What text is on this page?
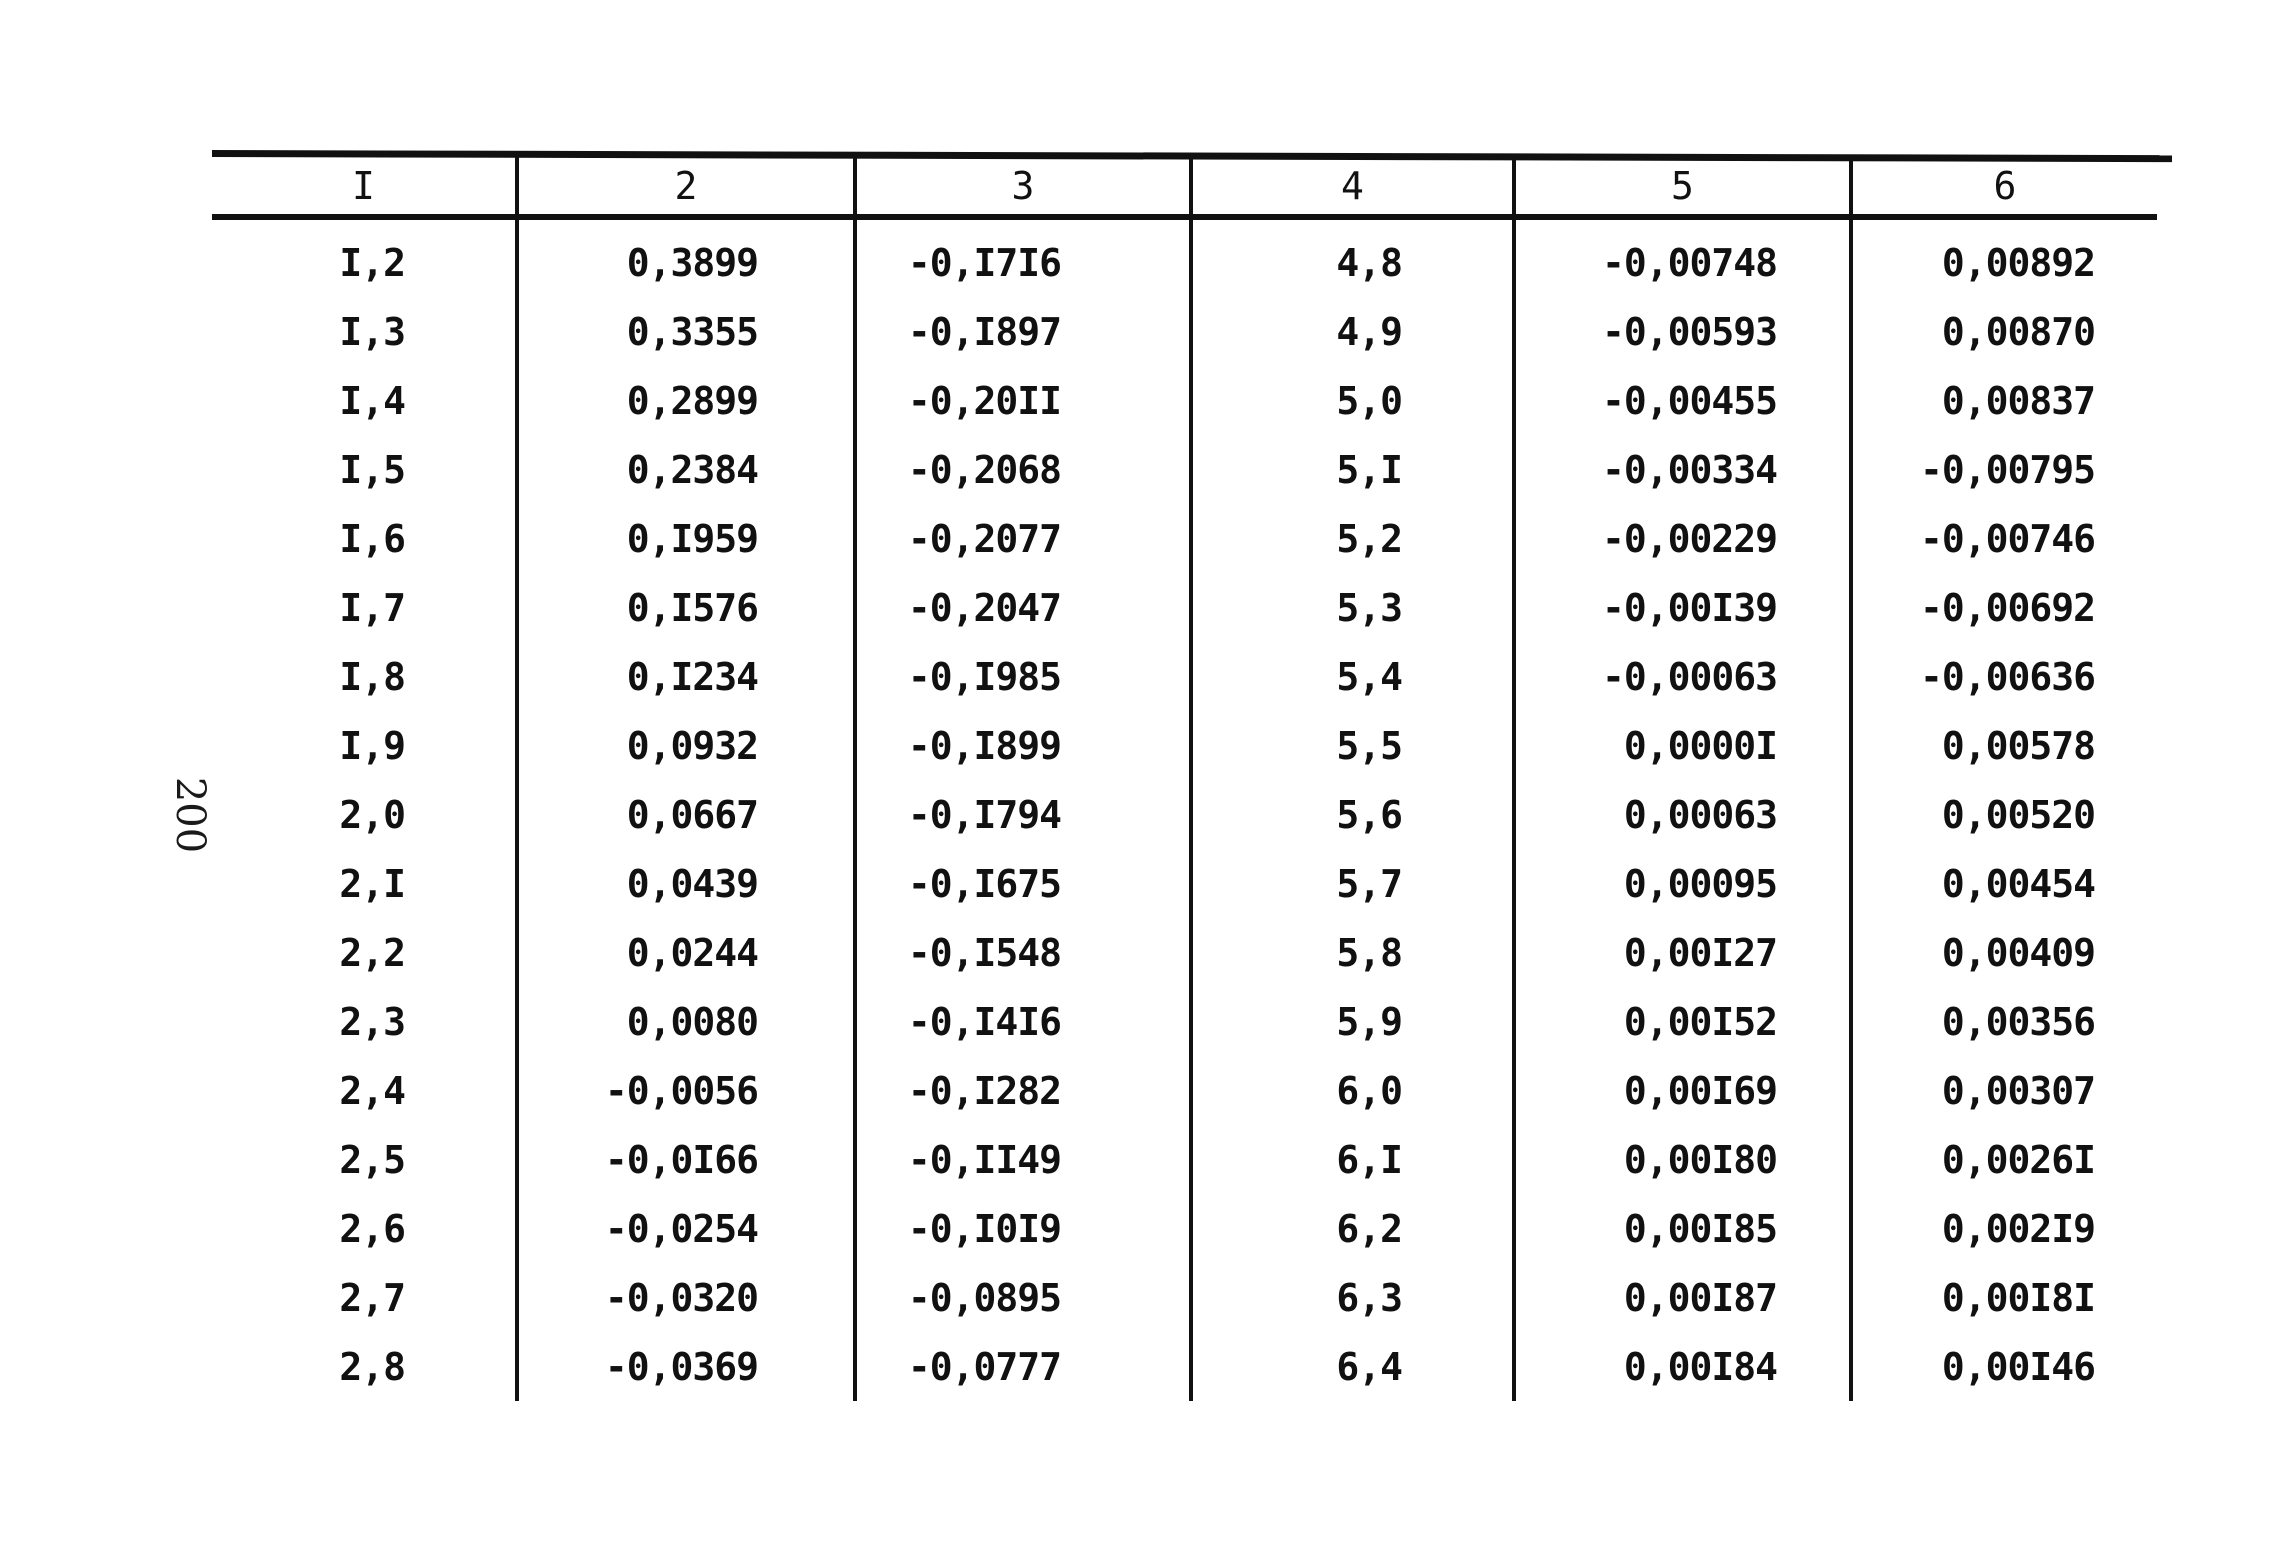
200
I	2	3	4	5	6
I,2	0,3899	-0,I7I6	4,8	-0,00748	0,00892
I,3	0,3355	-0,I897	4,9	-0,00593	0,00870
I,4	0,2899	-0,20II	5,0	-0,00455	0,00837
I,5	0,2384	-0,2068	5,I	-0,00334	-0,00795
I,6	0,I959	-0,2077	5,2	-0,00229	-0,00746
I,7	0,I576	-0,2047	5,3	-0,00I39	-0,00692
I,8	0,I234	-0,I985	5,4	-0,00063	-0,00636
I,9	0,0932	-0,I899	5,5	0,0000I	0,00578
2,0	0,0667	-0,I794	5,6	0,00063	0,00520
2,I	0,0439	-0,I675	5,7	0,00095	0,00454
2,2	0,0244	-0,I548	5,8	0,00I27	0,00409
2,3	0,0080	-0,I4I6	5,9	0,00I52	0,00356
2,4	-0,0056	-0,I282	6,0	0,00I69	0,00307
2,5	-0,0I66	-0,II49	6,I	0,00I80	0,0026I
2,6	-0,0254	-0,I0I9	6,2	0,00I85	0,002I9
2,7	-0,0320	-0,0895	6,3	0,00I87	0,00I8I
2,8	-0,0369	-0,0777	6,4	0,00I84	0,00I46
